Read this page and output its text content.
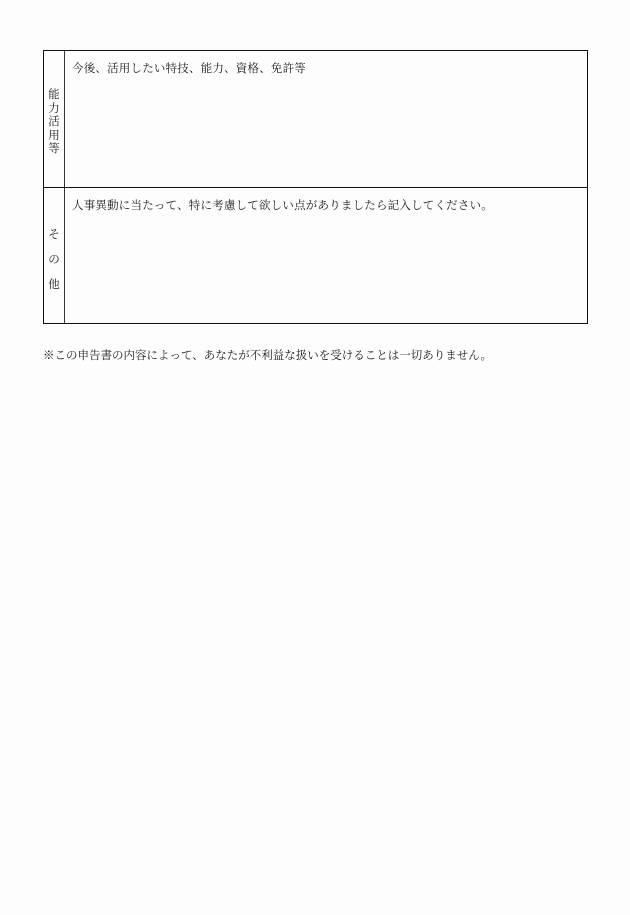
能
力
活
用
等
今後、活用したい特技、能力、資格、免許等
そ
の
他
人事異動に当たって、特に考慮して欲しい点がありましたら記入してください。
※この申告書の内容によって、あなたが不利益な扱いを受けることは一切ありません。
